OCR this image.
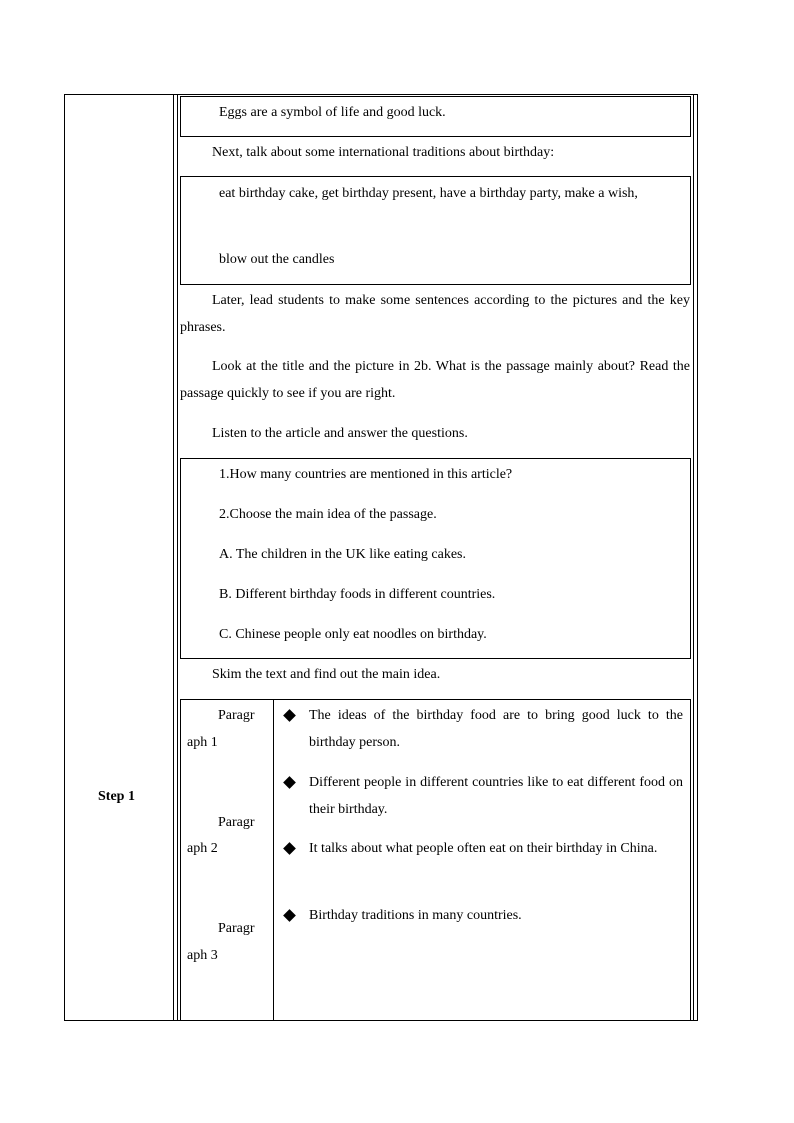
Step 1
Eggs are a symbol of life and good luck.
Next, talk about some international traditions about birthday:
eat birthday cake, get birthday present, have a birthday party, make a wish,
blow out the candles
Later, lead students to make some sentences according to the pictures and the key phrases.
Look at the title and the picture in 2b. What is the passage mainly about? Read the passage quickly to see if you are right.
Listen to the article and answer the questions.
1.How many countries are mentioned in this article?
2.Choose the main idea of the passage.
A. The children in the UK like eating cakes.
B. Different birthday foods in different countries.
C. Chinese people only eat noodles on birthday.
Skim the text and find out the main idea.
Paragr
aph 1
Paragr
aph 2
Paragr
aph 3
The ideas of the birthday food are to bring good luck to the birthday person.
Different people in different countries like to eat different food on their birthday.
It talks about what people often eat on their birthday in China.
Birthday traditions in many countries.
